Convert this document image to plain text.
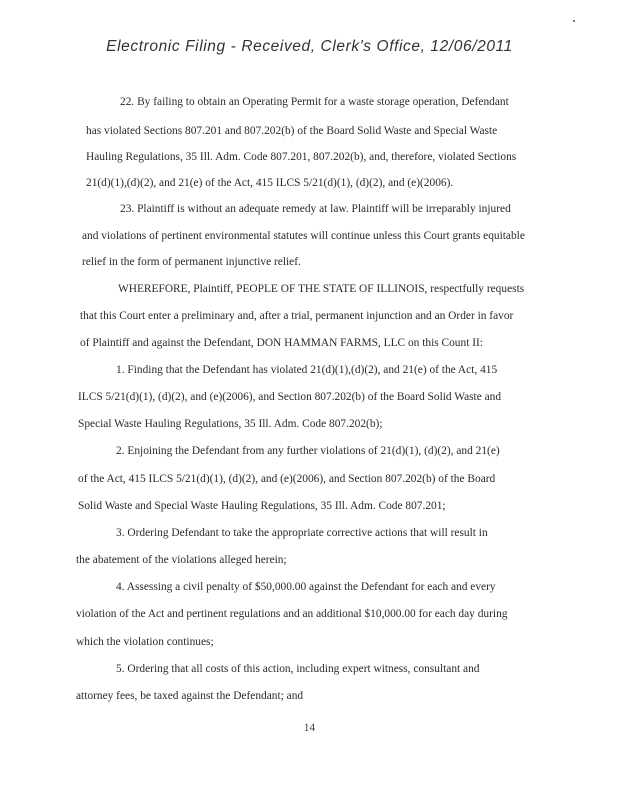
Electronic Filing - Received, Clerk's Office, 12/06/2011
22. By failing to obtain an Operating Permit for a waste storage operation, Defendant
has violated Sections 807.201 and 807.202(b) of the Board Solid Waste and Special Waste
Hauling Regulations, 35 Ill. Adm. Code 807.201, 807.202(b), and, therefore, violated Sections
21(d)(1),(d)(2), and 21(e) of the Act, 415 ILCS 5/21(d)(1), (d)(2), and (e)(2006).
23. Plaintiff is without an adequate remedy at law. Plaintiff will be irreparably injured
and violations of pertinent environmental statutes will continue unless this Court grants equitable
relief in the form of permanent injunctive relief.
WHEREFORE, Plaintiff, PEOPLE OF THE STATE OF ILLINOIS, respectfully requests
that this Court enter a preliminary and, after a trial, permanent injunction and an Order in favor
of Plaintiff and against the Defendant, DON HAMMAN FARMS, LLC on this Count II:
1. Finding that the Defendant has violated 21(d)(1),(d)(2), and 21(e) of the Act, 415
ILCS 5/21(d)(1), (d)(2), and (e)(2006), and Section 807.202(b) of the Board Solid Waste and
Special Waste Hauling Regulations, 35 Ill. Adm. Code 807.202(b);
2. Enjoining the Defendant from any further violations of 21(d)(1), (d)(2), and 21(e)
of the Act, 415 ILCS 5/21(d)(1), (d)(2), and (e)(2006), and Section 807.202(b) of the Board
Solid Waste and Special Waste Hauling Regulations, 35 Ill. Adm. Code 807.201;
3. Ordering Defendant to take the appropriate corrective actions that will result in
the abatement of the violations alleged herein;
4. Assessing a civil penalty of $50,000.00 against the Defendant for each and every
violation of the Act and pertinent regulations and an additional $10,000.00 for each day during
which the violation continues;
5. Ordering that all costs of this action, including expert witness, consultant and
attorney fees, be taxed against the Defendant; and
14
